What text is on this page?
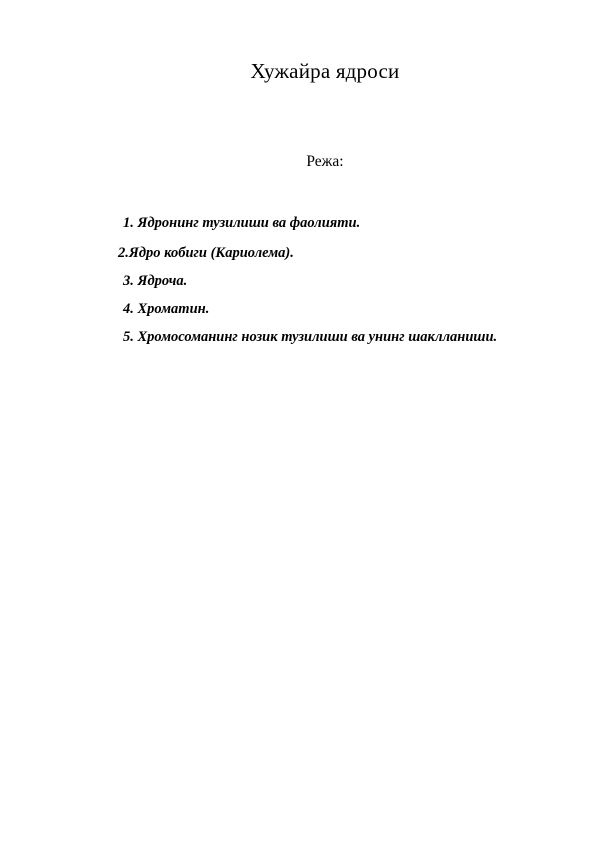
Хужайра ядроси
Режа:
1. Ядронинг тузилиши ва фаолияти.
2.Ядро кобиги (Кариолема).
3. Ядроча.
4. Хроматин.
5. Хромосоманинг нозик тузилиши ва унинг шаклланиши.
